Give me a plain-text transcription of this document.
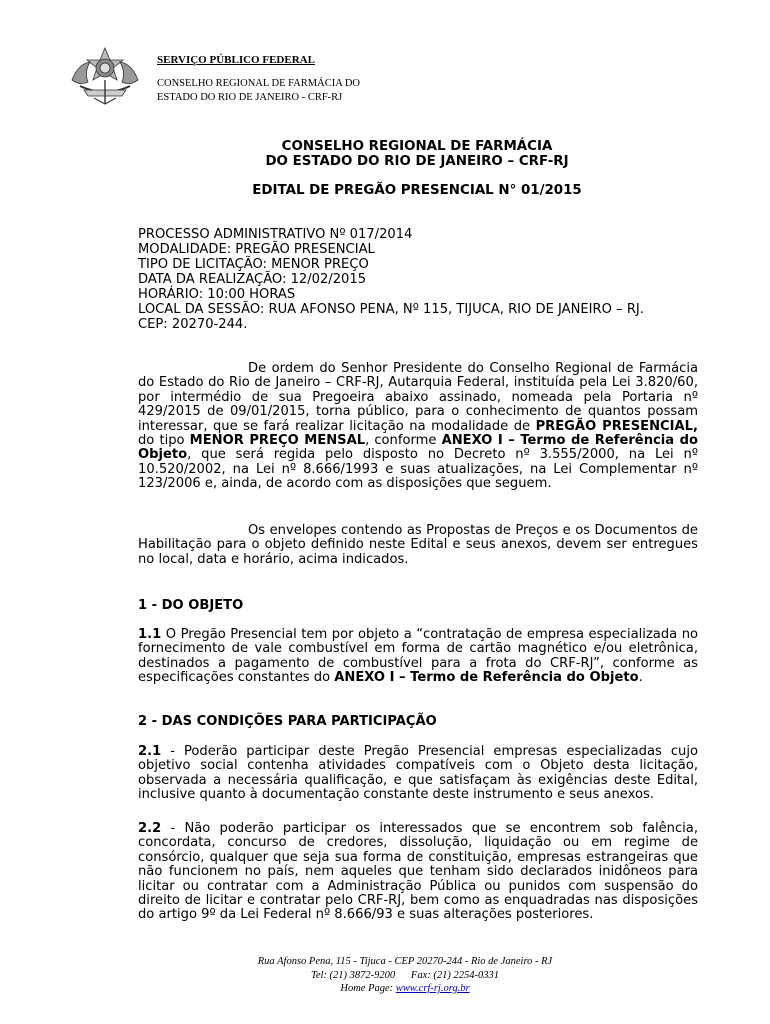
SERVIÇO PÚBLICO FEDERAL
CONSELHO REGIONAL DE FARMÁCIA DO
ESTADO DO RIO DE JANEIRO - CRF-RJ
CONSELHO REGIONAL DE FARMÁCIA
DO ESTADO DO RIO DE JANEIRO – CRF-RJ
EDITAL DE PREGÃO PRESENCIAL N° 01/2015
PROCESSO ADMINISTRATIVO Nº 017/2014
MODALIDADE: PREGÃO PRESENCIAL
TIPO DE LICITAÇÃO: MENOR PREÇO
DATA DA REALIZAÇÃO: 12/02/2015
HORÁRIO: 10:00 HORAS
LOCAL DA SESSÃO: RUA AFONSO PENA, Nº 115, TIJUCA, RIO DE JANEIRO – RJ.
CEP: 20270-244.
De ordem do Senhor Presidente do Conselho Regional de Farmácia do Estado do Rio de Janeiro – CRF-RJ, Autarquia Federal, instituída pela Lei 3.820/60, por intermédio de sua Pregoeira abaixo assinado, nomeada pela Portaria nº 429/2015 de 09/01/2015, torna público, para o conhecimento de quantos possam interessar, que se fará realizar licitação na modalidade de PREGÃO PRESENCIAL, do tipo MENOR PREÇO MENSAL, conforme ANEXO I – Termo de Referência do Objeto, que será regida pelo disposto no Decreto nº 3.555/2000, na Lei nº 10.520/2002, na Lei nº 8.666/1993 e suas atualizações, na Lei Complementar nº 123/2006 e, ainda, de acordo com as disposições que seguem.
Os envelopes contendo as Propostas de Preços e os Documentos de Habilitação para o objeto definido neste Edital e seus anexos, devem ser entregues no local, data e horário, acima indicados.
1 - DO OBJETO
1.1 O Pregão Presencial tem por objeto a “contratação de empresa especializada no fornecimento de vale combustível em forma de cartão magnético e/ou eletrônica, destinados a pagamento de combustível para a frota do CRF-RJ”, conforme as especificações constantes do ANEXO I – Termo de Referência do Objeto.
2 - DAS CONDIÇÕES PARA PARTICIPAÇÃO
2.1 - Poderão participar deste Pregão Presencial empresas especializadas cujo objetivo social contenha atividades compatíveis com o Objeto desta licitação, observada a necessária qualificação, e que satisfaçam às exigências deste Edital, inclusive quanto à documentação constante deste instrumento e seus anexos.
2.2 - Não poderão participar os interessados que se encontrem sob falência, concordata, concurso de credores, dissolução, liquidação ou em regime de consórcio, qualquer que seja sua forma de constituição, empresas estrangeiras que não funcionem no país, nem aqueles que tenham sido declarados inidôneos para licitar ou contratar com a Administração Pública ou punidos com suspensão do direito de licitar e contratar pelo CRF-RJ, bem como as enquadradas nas disposições do artigo 9º da Lei Federal nº 8.666/93 e suas alterações posteriores.
Rua Afonso Pena, 115 - Tijuca - CEP 20270-244 - Rio de Janeiro - RJ
Tel: (21) 3872-9200      Fax: (21) 2254-0331
Home Page: www.crf-rj.org.br
